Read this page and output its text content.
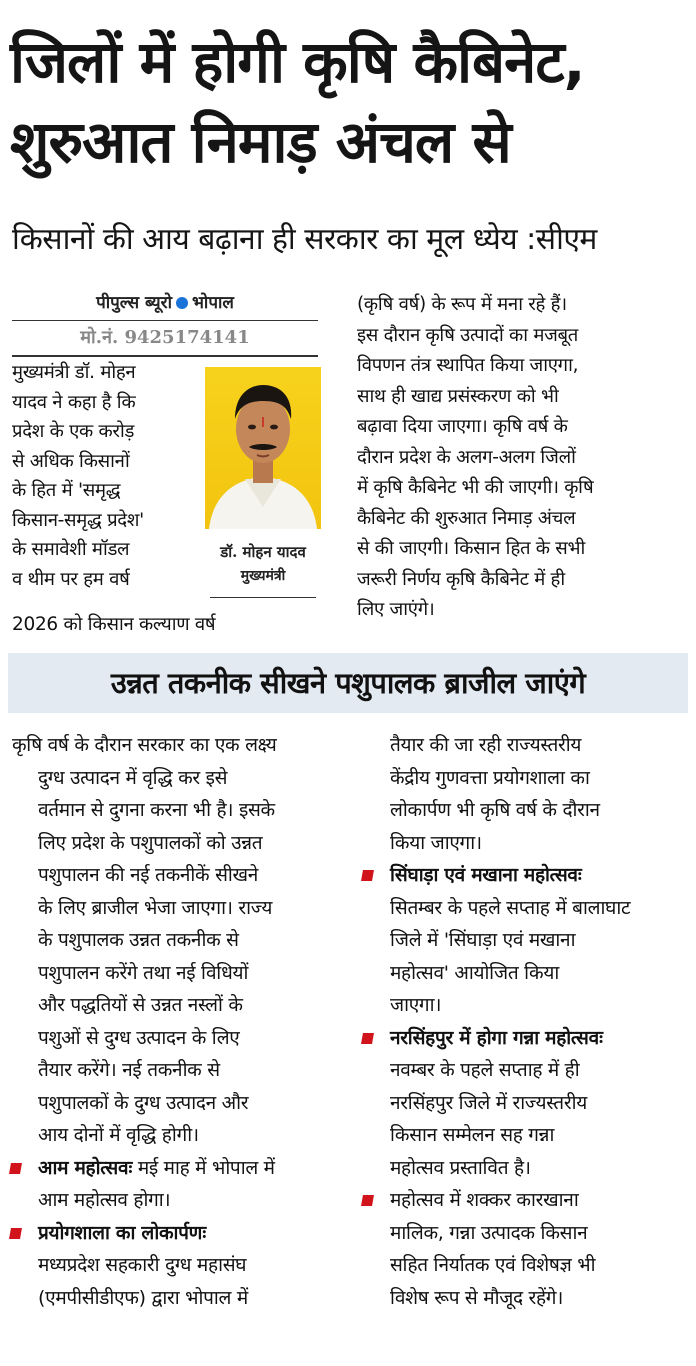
जिलों में होगी कृषि कैबिनेट,
शुरुआत निमाड़ अंचल से
किसानों की आय बढ़ाना ही सरकार का मूल ध्येय :सीएम
पीपुल्स ब्यूरो भोपाल
मो.नं. 9425174141
मुख्यमंत्री डॉ. मोहन
यादव ने कहा है कि
प्रदेश के एक करोड़
से अधिक किसानों
के हित में 'समृद्ध
किसान-समृद्ध प्रदेश'
के समावेशी मॉडल
व थीम पर हम वर्ष
डॉ. मोहन यादव
मुख्यमंत्री
2026 को किसान कल्याण वर्ष
(कृषि वर्ष) के रूप में मना रहे हैं।
इस दौरान कृषि उत्पादों का मजबूत
विपणन तंत्र स्थापित किया जाएगा,
साथ ही खाद्य प्रसंस्करण को भी
बढ़ावा दिया जाएगा। कृषि वर्ष के
दौरान प्रदेश के अलग-अलग जिलों
में कृषि कैबिनेट भी की जाएगी। कृषि
कैबिनेट की शुरुआत निमाड़ अंचल
से की जाएगी। किसान हित के सभी
जरूरी निर्णय कृषि कैबिनेट में ही
लिए जाएंगे।
उन्नत तकनीक सीखने पशुपालक ब्राजील जाएंगे
कृषि वर्ष के दौरान सरकार का एक लक्ष्य
दुग्ध उत्पादन में वृद्धि कर इसे
वर्तमान से दुगना करना भी है। इसके
लिए प्रदेश के पशुपालकों को उन्नत
पशुपालन की नई तकनीकें सीखने
के लिए ब्राजील भेजा जाएगा। राज्य
के पशुपालक उन्नत तकनीक से
पशुपालन करेंगे तथा नई विधियों
और पद्धतियों से उन्नत नस्लों के
पशुओं से दुग्ध उत्पादन के लिए
तैयार करेंगे। नई तकनीक से
पशुपालकों के दुग्ध उत्पादन और
आय दोनों में वृद्धि होगी।
आम महोत्सवः मई माह में भोपाल में
आम महोत्सव होगा।
प्रयोगशाला का लोकार्पणः
मध्यप्रदेश सहकारी दुग्ध महासंघ
(एमपीसीडीएफ) द्वारा भोपाल में
तैयार की जा रही राज्यस्तरीय
केंद्रीय गुणवत्ता प्रयोगशाला का
लोकार्पण भी कृषि वर्ष के दौरान
किया जाएगा।
सिंघाड़ा एवं मखाना महोत्सवः
सितम्बर के पहले सप्ताह में बालाघाट
जिले में 'सिंघाड़ा एवं मखाना
महोत्सव' आयोजित किया
जाएगा।
नरसिंहपुर में होगा गन्ना महोत्सवः
नवम्बर के पहले सप्ताह में ही
नरसिंहपुर जिले में राज्यस्तरीय
किसान सम्मेलन सह गन्ना
महोत्सव प्रस्तावित है।
महोत्सव में शक्कर कारखाना
मालिक, गन्ना उत्पादक किसान
सहित निर्यातक एवं विशेषज्ञ भी
विशेष रूप से मौजूद रहेंगे।
